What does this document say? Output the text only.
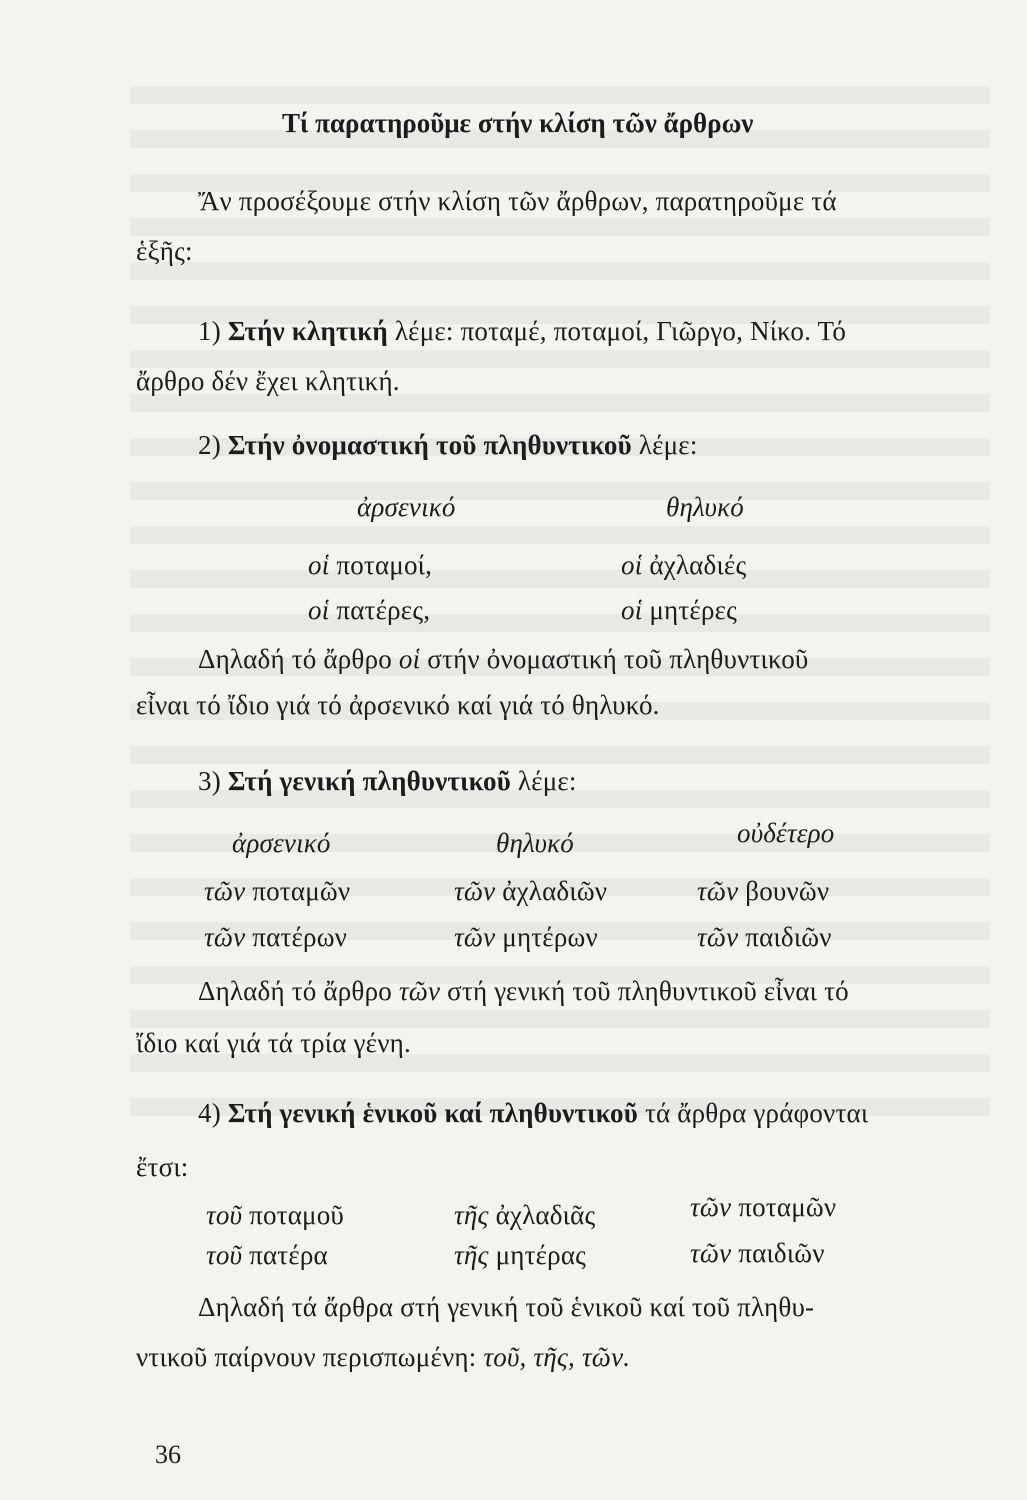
Τί παρατηροῦμε στήν κλίση τῶν ἄρθρων
Ἄν προσέξουμε στήν κλίση τῶν ἄρθρων, παρατηροῦμε τά
ἑξῆς:
1) Στήν κλητική λέμε: ποταμέ, ποταμοί, Γιῶργο, Νίκο. Τό
ἄρθρο δέν ἔχει κλητική.
2) Στήν ὀνομαστική τοῦ πληθυντικοῦ λέμε:
ἀρσενικό	θηλυκό
οἱ ποταμοί,	οἱ ἀχλαδιές
οἱ πατέρες,	οἱ μητέρες
Δηλαδή τό ἄρθρο οἱ στήν ὀνομαστική τοῦ πληθυντικοῦ
εἶναι τό ἴδιο γιά τό ἀρσενικό καί γιά τό θηλυκό.
3) Στή γενική πληθυντικοῦ λέμε:
ἀρσενικό	θηλυκό	οὐδέτερο
τῶν ποταμῶν	τῶν ἀχλαδιῶν	τῶν βουνῶν
τῶν πατέρων	τῶν μητέρων	τῶν παιδιῶν
Δηλαδή τό ἄρθρο τῶν στή γενική τοῦ πληθυντικοῦ εἶναι τό
ἴδιο καί γιά τά τρία γένη.
4) Στή γενική ἑνικοῦ καί πληθυντικοῦ τά ἄρθρα γράφονται
ἔτσι:
τοῦ ποταμοῦ	τῆς ἀχλαδιᾶς	τῶν ποταμῶν
τοῦ πατέρα	τῆς μητέρας	τῶν παιδιῶν
Δηλαδή τά ἄρθρα στή γενική τοῦ ἑνικοῦ καί τοῦ πληθυ-
ντικοῦ παίρνουν περισπωμένη: τοῦ, τῆς, τῶν.
36
